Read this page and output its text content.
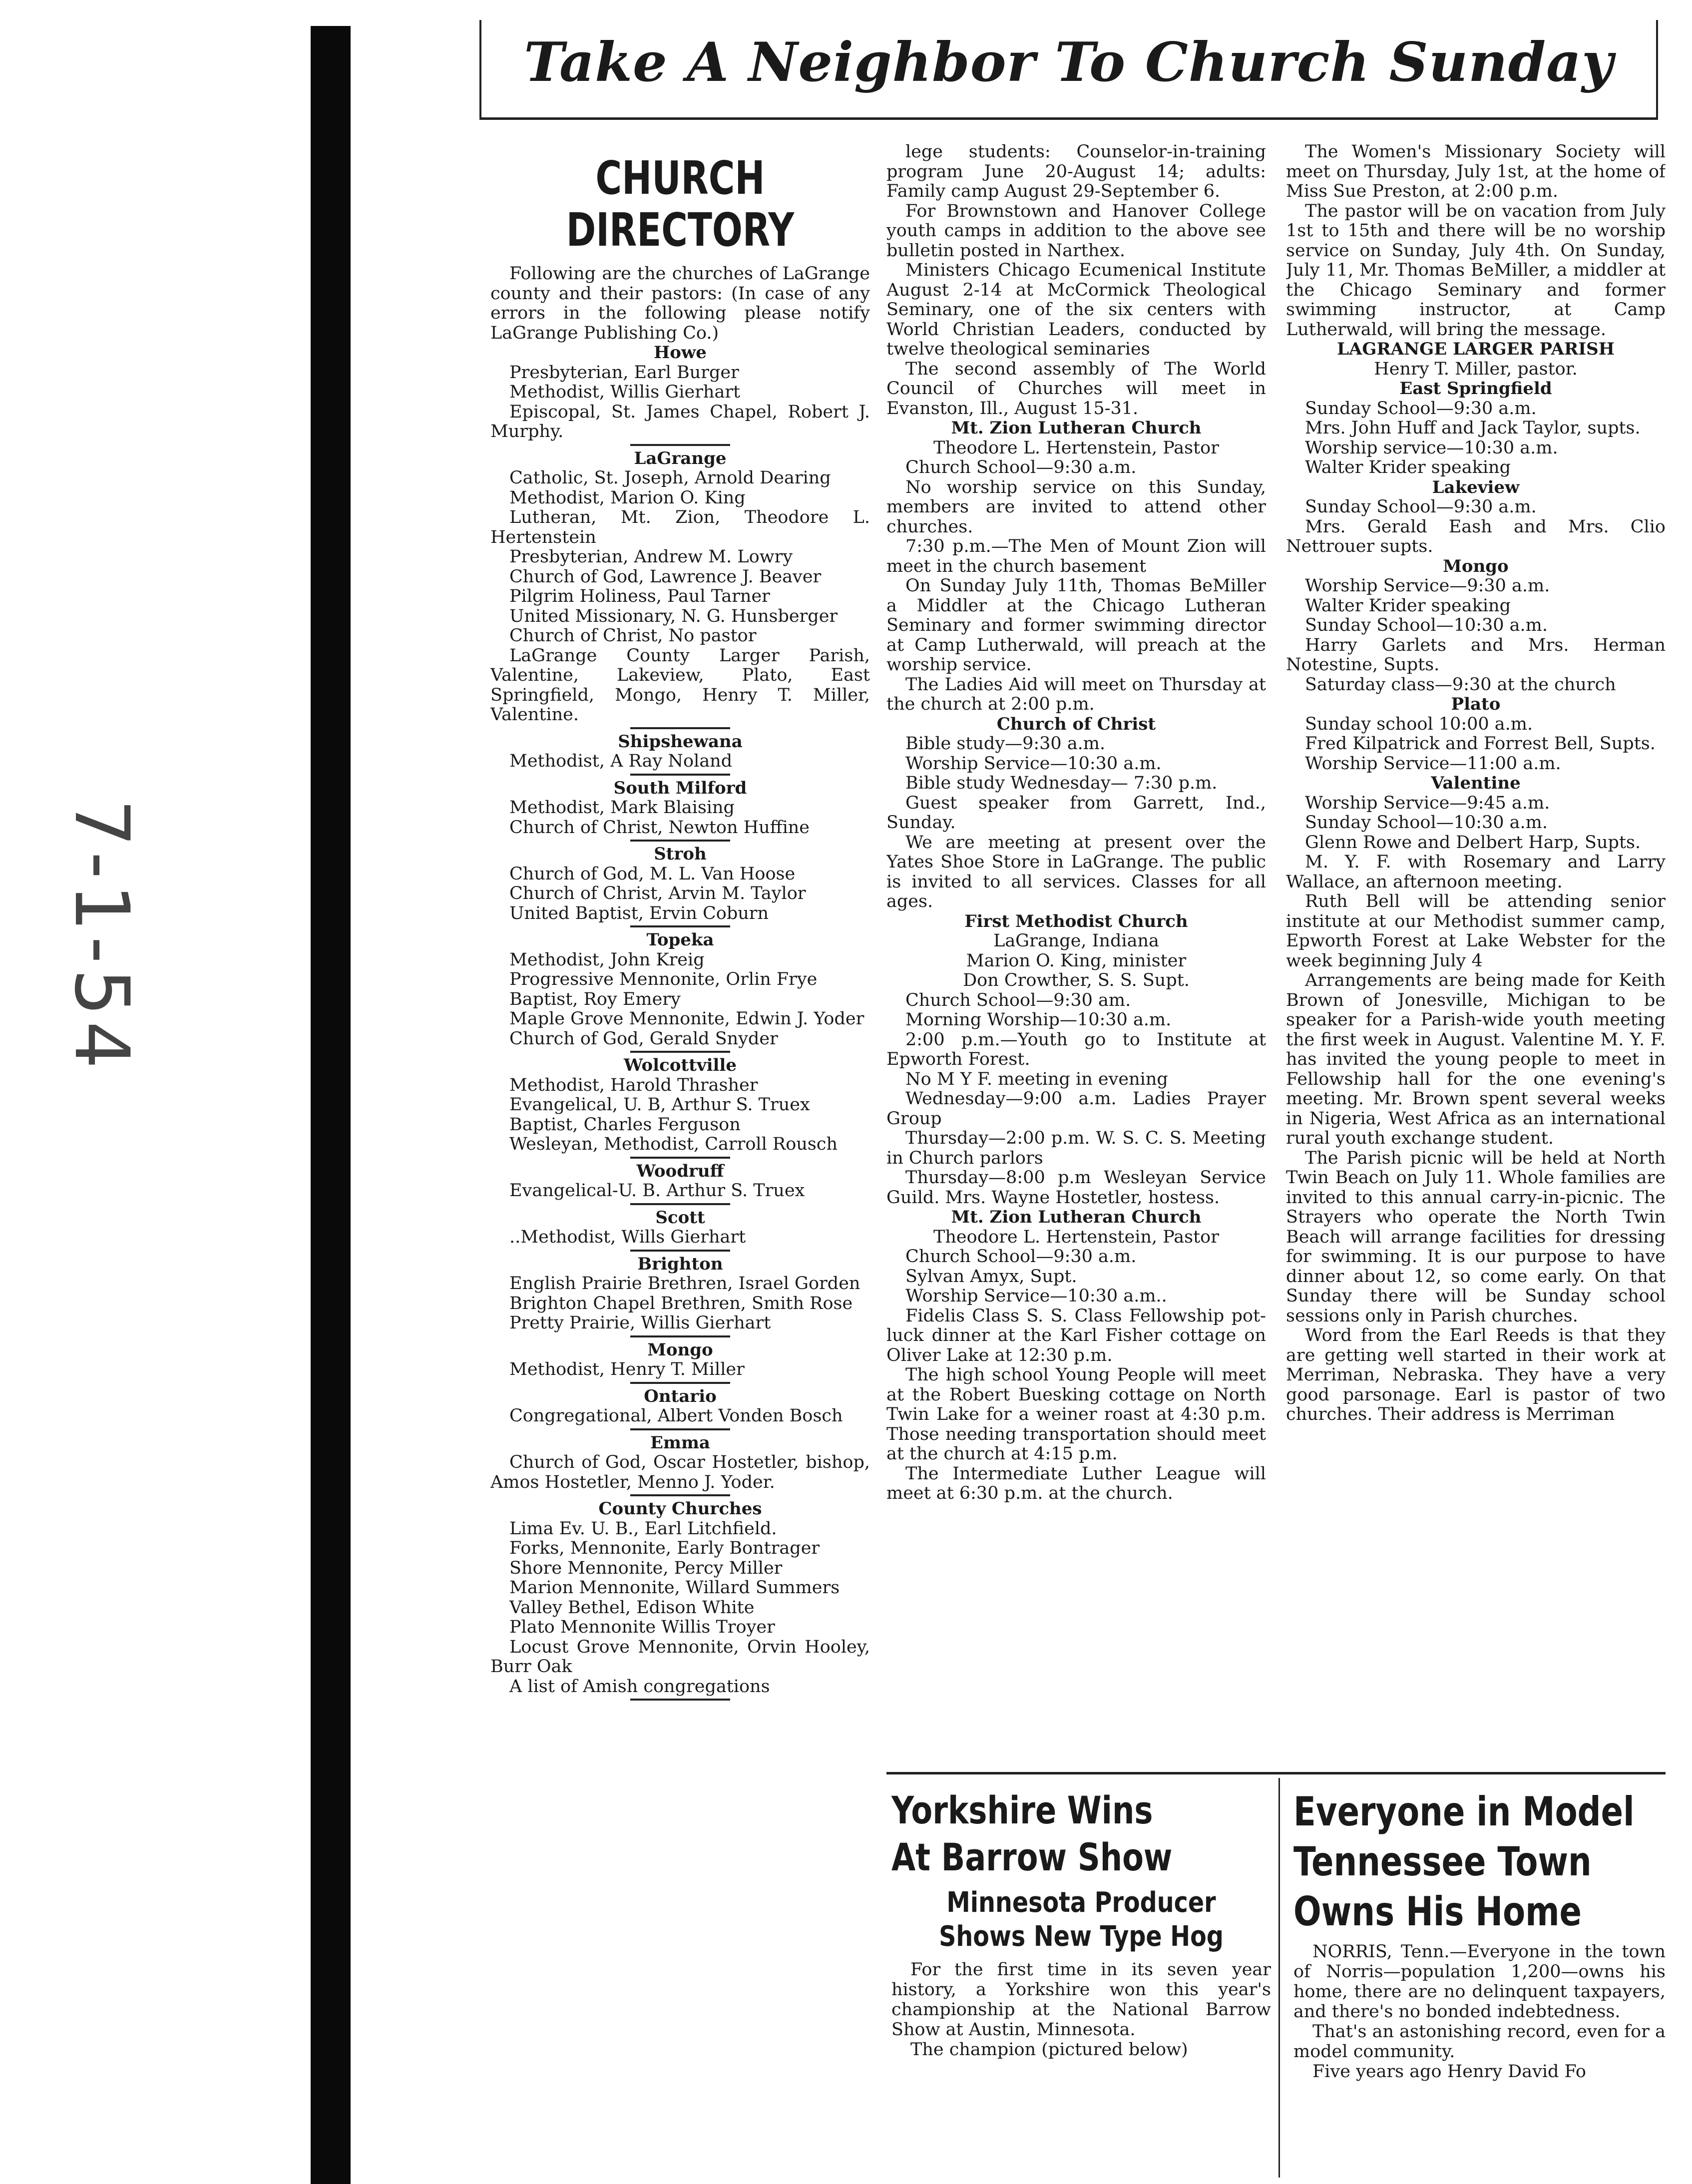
7-1-54
Take A Neighbor To Church Sunday
CHURCH
DIRECTORY

Following are the churches of LaGrange county and their pastors: (In case of any errors in the following please notify LaGrange Publishing Co.)

Howe

Presbyterian, Earl Burger

Methodist, Willis Gierhart

Episcopal, St. James Chapel, Robert J. Murphy.

LaGrange

Catholic, St. Joseph, Arnold Dearing

Methodist, Marion O. King

Lutheran, Mt. Zion, Theodore L. Hertenstein

Presbyterian, Andrew M. Lowry

Church of God, Lawrence J. Beaver

Pilgrim Holiness, Paul Tarner

United Missionary, N. G. Hunsberger

Church of Christ, No pastor

LaGrange County Larger Parish, Valentine, Lakeview, Plato, East Springfield, Mongo, Henry T. Miller, Valentine.

Shipshewana

Methodist, A Ray Noland

South Milford

Methodist, Mark Blaising

Church of Christ, Newton Huffine

Stroh

Church of God, M. L. Van Hoose

Church of Christ, Arvin M. Taylor

United Baptist, Ervin Coburn

Topeka

Methodist, John Kreig

Progressive Mennonite, Orlin Frye

Baptist, Roy Emery

Maple Grove Mennonite, Edwin J. Yoder

Church of God, Gerald Snyder

Wolcottville

Methodist, Harold Thrasher

Evangelical, U. B, Arthur S. Truex

Baptist, Charles Ferguson

Wesleyan, Methodist, Carroll Rousch

Woodruff

Evangelical-U. B. Arthur S. Truex

Scott

..Methodist, Wills Gierhart

Brighton

English Prairie Brethren, Israel Gorden

Brighton Chapel Brethren, Smith Rose

Pretty Prairie, Willis Gierhart

Mongo

Methodist, Henry T. Miller

Ontario

Congregational, Albert Vonden Bosch

Emma

Church of God, Oscar Hostetler, bishop, Amos Hostetler, Menno J. Yoder.

County Churches

Lima Ev. U. B., Earl Litchfield.

Forks, Mennonite, Early Bontrager

Shore Mennonite, Percy Miller

Marion Mennonite, Willard Summers

Valley Bethel, Edison White

Plato Mennonite Willis Troyer

Locust Grove Mennonite, Orvin Hooley, Burr Oak

A list of Amish congregations

lege students: Counselor-in-training program June 20-August 14; adults: Family camp August 29-September 6.

For Brownstown and Hanover College youth camps in addition to the above see bulletin posted in Narthex.

Ministers Chicago Ecumenical Institute August 2-14 at McCormick Theological Seminary, one of the six centers with World Christian Leaders, conducted by twelve theological seminaries

The second assembly of The World Council of Churches will meet in Evanston, Ill., August 15-31.

Mt. Zion Lutheran Church

Theodore L. Hertenstein, Pastor

Church School—9:30 a.m.

No worship service on this Sunday, members are invited to attend other churches.

7:30 p.m.—The Men of Mount Zion will meet in the church basement

On Sunday July 11th, Thomas BeMiller a Middler at the Chicago Lutheran Seminary and former swimming director at Camp Lutherwald, will preach at the worship service.

The Ladies Aid will meet on Thursday at the church at 2:00 p.m.

Church of Christ

Bible study—9:30 a.m.

Worship Service—10:30 a.m.

Bible study Wednesday— 7:30 p.m.

Guest speaker from Garrett, Ind., Sunday.

We are meeting at present over the Yates Shoe Store in LaGrange. The public is invited to all services. Classes for all ages.

First Methodist Church

LaGrange, Indiana

Marion O. King, minister

Don Crowther, S. S. Supt.

Church School—9:30 am.

Morning Worship—10:30 a.m.

2:00 p.m.—Youth go to Institute at Epworth Forest.

No M Y F. meeting in evening

Wednesday—9:00 a.m. Ladies Prayer Group

Thursday—2:00 p.m. W. S. C. S. Meeting in Church parlors

Thursday—8:00 p.m Wesleyan Service Guild. Mrs. Wayne Hostetler, hostess.

Mt. Zion Lutheran Church

Theodore L. Hertenstein, Pastor

Church School—9:30 a.m.

Sylvan Amyx, Supt.

Worship Service—10:30 a.m..

Fidelis Class S. S. Class Fellowship pot-luck dinner at the Karl Fisher cottage on Oliver Lake at 12:30 p.m.

The high school Young People will meet at the Robert Buesking cottage on North Twin Lake for a weiner roast at 4:30 p.m. Those needing transportation should meet at the church at 4:15 p.m.

The Intermediate Luther League will meet at 6:30 p.m. at the church.

The Women's Missionary Society will meet on Thursday, July 1st, at the home of Miss Sue Preston, at 2:00 p.m.

The pastor will be on vacation from July 1st to 15th and there will be no worship service on Sunday, July 4th. On Sunday, July 11, Mr. Thomas BeMiller, a middler at the Chicago Seminary and former swimming instructor, at Camp Lutherwald, will bring the message.

LAGRANGE LARGER PARISH

Henry T. Miller, pastor.

East Springfield

Sunday School—9:30 a.m.

Mrs. John Huff and Jack Taylor, supts.

Worship service—10:30 a.m.

Walter Krider speaking

Lakeview

Sunday School—9:30 a.m.

Mrs. Gerald Eash and Mrs. Clio Nettrouer supts.

Mongo

Worship Service—9:30 a.m.

Walter Krider speaking

Sunday School—10:30 a.m.

Harry Garlets and Mrs. Herman Notestine, Supts.

Saturday class—9:30 at the church

Plato

Sunday school 10:00 a.m.

Fred Kilpatrick and Forrest Bell, Supts.

Worship Service—11:00 a.m.

Valentine

Worship Service—9:45 a.m.

Sunday School—10:30 a.m.

Glenn Rowe and Delbert Harp, Supts.

M. Y. F. with Rosemary and Larry Wallace, an afternoon meeting.

Ruth Bell will be attending senior institute at our Methodist summer camp, Epworth Forest at Lake Webster for the week beginning July 4

Arrangements are being made for Keith Brown of Jonesville, Michigan to be speaker for a Parish-wide youth meeting the first week in August. Valentine M. Y. F. has invited the young people to meet in Fellowship hall for the one evening's meeting. Mr. Brown spent several weeks in Nigeria, West Africa as an international rural youth exchange student.

The Parish picnic will be held at North Twin Beach on July 11. Whole families are invited to this annual carry-in-picnic. The Strayers who operate the North Twin Beach will arrange facilities for dressing for swimming. It is our purpose to have dinner about 12, so come early. On that Sunday there will be Sunday school sessions only in Parish churches.

Word from the Earl Reeds is that they are getting well started in their work at Merriman, Nebraska. They have a very good parsonage. Earl is pastor of two churches. Their address is Merriman

Yorkshire Wins
At Barrow Show
Minnesota Producer
Shows New Type Hog

For the first time in its seven year history, a Yorkshire won this year's championship at the National Barrow Show at Austin, Minnesota.

The champion (pictured below)

Everyone in Model
Tennessee Town
Owns His Home

NORRIS, Tenn.—Everyone in the town of Norris—population 1,200—owns his home, there are no delinquent taxpayers, and there's no bonded indebtedness.

That's an astonishing record, even for a model community.

Five years ago Henry David Fo
